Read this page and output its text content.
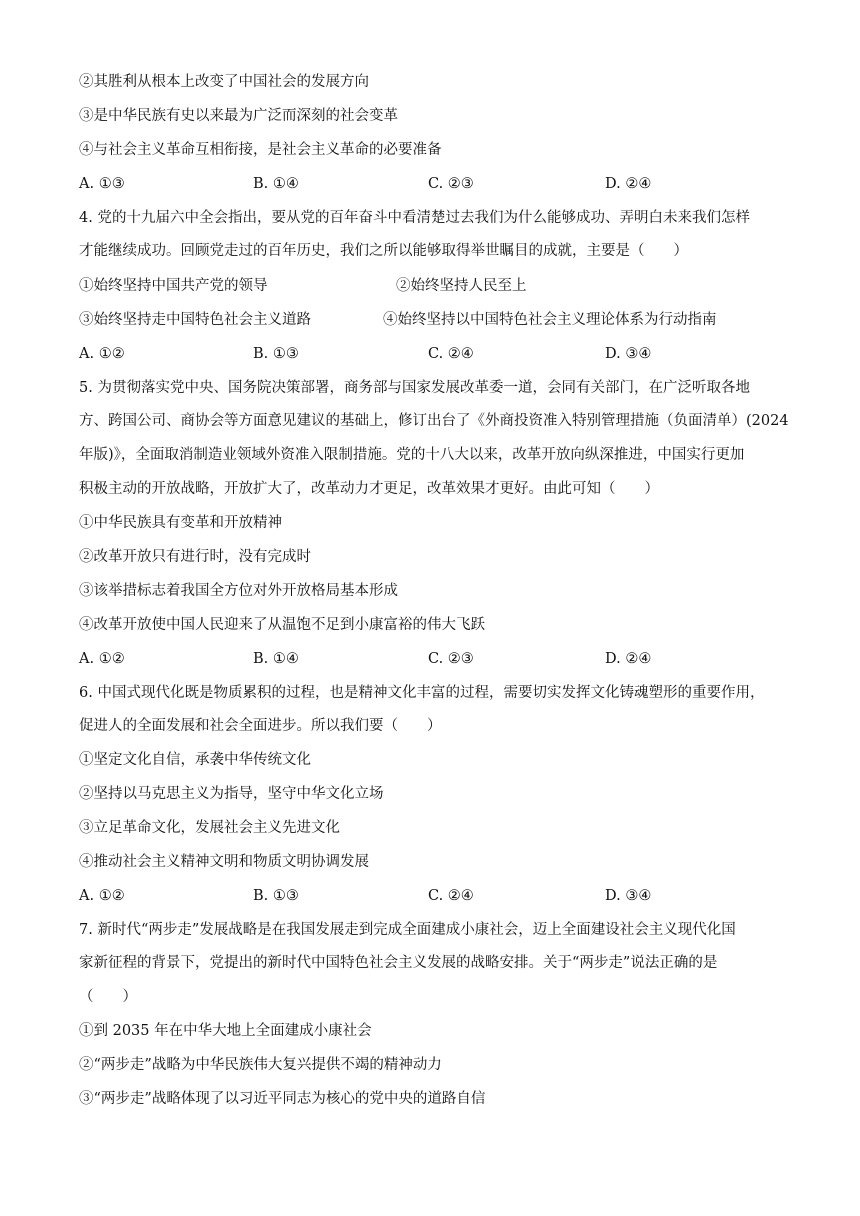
②其胜利从根本上改变了中国社会的发展方向
③是中华民族有史以来最为广泛而深刻的社会变革
④与社会主义革命互相衔接，是社会主义革命的必要准备
A. ①③	B. ①④	C. ②③	D. ②④
4. 党的十九届六中全会指出，要从党的百年奋斗中看清楚过去我们为什么能够成功、弄明白未来我们怎样
才能继续成功。回顾党走过的百年历史，我们之所以能够取得举世瞩目的成就，主要是（　　）
①始终坚持中国共产党的领导	②始终坚持人民至上
③始终坚持走中国特色社会主义道路	④始终坚持以中国特色社会主义理论体系为行动指南
A. ①②	B. ①③	C. ②④	D. ③④
5. 为贯彻落实党中央、国务院决策部署，商务部与国家发展改革委一道，会同有关部门，在广泛听取各地
方、跨国公司、商协会等方面意见建议的基础上，修订出台了《外商投资准入特别管理措施（负面清单）(2024
年版)》，全面取消制造业领域外资准入限制措施。党的十八大以来，改革开放向纵深推进，中国实行更加
积极主动的开放战略，开放扩大了，改革动力才更足，改革效果才更好。由此可知（　　）
①中华民族具有变革和开放精神
②改革开放只有进行时，没有完成时
③该举措标志着我国全方位对外开放格局基本形成
④改革开放使中国人民迎来了从温饱不足到小康富裕的伟大飞跃
A. ①②	B. ①④	C. ②③	D. ②④
6. 中国式现代化既是物质累积的过程，也是精神文化丰富的过程，需要切实发挥文化铸魂塑形的重要作用，
促进人的全面发展和社会全面进步。所以我们要（　　）
①坚定文化自信，承袭中华传统文化
②坚持以马克思主义为指导，坚守中华文化立场
③立足革命文化，发展社会主义先进文化
④推动社会主义精神文明和物质文明协调发展
A. ①②	B. ①③	C. ②④	D. ③④
7. 新时代“两步走”发展战略是在我国发展走到完成全面建成小康社会，迈上全面建设社会主义现代化国
家新征程的背景下，党提出的新时代中国特色社会主义发展的战略安排。关于“两步走”说法正确的是
（　　）
①到 2035 年在中华大地上全面建成小康社会
②“两步走”战略为中华民族伟大复兴提供不竭的精神动力
③“两步走”战略体现了以习近平同志为核心的党中央的道路自信
